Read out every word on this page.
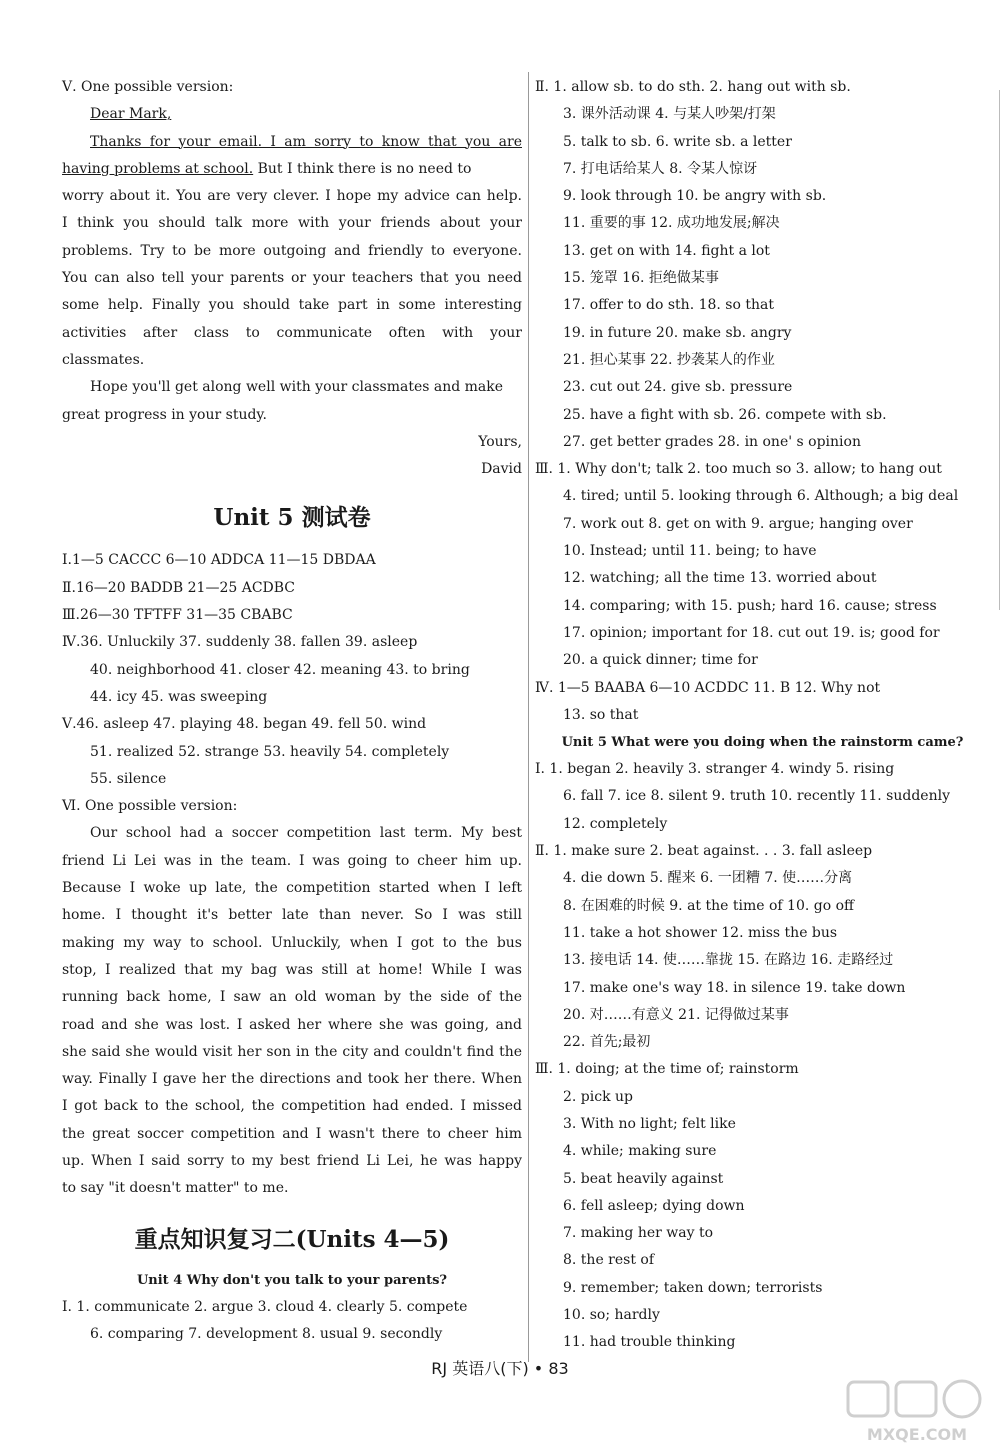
Ⅴ. One possible version:
Dear Mark,
Thanks for your email. I am sorry to know that you are
having problems at school. But I think there is no need to
worry about it. You are very clever. I hope my advice can help.
I think you should talk more with your friends about your
problems. Try to be more outgoing and friendly to everyone.
You can also tell your parents or your teachers that you need
some help. Finally you should take part in some interesting
activities after class to communicate often with your classmates.
Hope you'll get along well with your classmates and make
great progress in your study.
Yours,
David
Unit 5 测试卷
Ⅰ.1—5 CACCC 6—10 ADDCA 11—15 DBDAA
Ⅱ.16—20 BADDB 21—25 ACDBC
Ⅲ.26—30 TFTFF 31—35 CBABC
Ⅳ.36. Unluckily 37. suddenly 38. fallen 39. asleep
40. neighborhood 41. closer 42. meaning 43. to bring
44. icy 45. was sweeping
Ⅴ.46. asleep 47. playing 48. began 49. fell 50. wind
51. realized 52. strange 53. heavily 54. completely
55. silence
Ⅵ. One possible version:
Our school had a soccer competition last term. My best
friend Li Lei was in the team. I was going to cheer him up.
Because I woke up late, the competition started when I left
home. I thought it's better late than never. So I was still
making my way to school. Unluckily, when I got to the bus
stop, I realized that my bag was still at home! While I was
running back home, I saw an old woman by the side of the
road and she was lost. I asked her where she was going, and
she said she would visit her son in the city and couldn't find the
way. Finally I gave her the directions and took her there. When
I got back to the school, the competition had ended. I missed
the great soccer competition and I wasn't there to cheer him
up. When I said sorry to my best friend Li Lei, he was happy
to say "it doesn't matter" to me.
重点知识复习二(Units 4—5)
Unit 4 Why don't you talk to your parents?
Ⅰ. 1. communicate 2. argue 3. cloud 4. clearly 5. compete
6. comparing 7. development 8. usual 9. secondly
Ⅱ. 1. allow sb. to do sth. 2. hang out with sb.
3. 课外活动课 4. 与某人吵架/打架
5. talk to sb. 6. write sb. a letter
7. 打电话给某人 8. 令某人惊讶
9. look through 10. be angry with sb.
11. 重要的事 12. 成功地发展;解决
13. get on with 14. fight a lot
15. 笼罩 16. 拒绝做某事
17. offer to do sth. 18. so that
19. in future 20. make sb. angry
21. 担心某事 22. 抄袭某人的作业
23. cut out 24. give sb. pressure
25. have a fight with sb. 26. compete with sb.
27. get better grades 28. in one' s opinion
Ⅲ. 1. Why don't; talk 2. too much so 3. allow; to hang out
4. tired; until 5. looking through 6. Although; a big deal
7. work out 8. get on with 9. argue; hanging over
10. Instead; until 11. being; to have
12. watching; all the time 13. worried about
14. comparing; with 15. push; hard 16. cause; stress
17. opinion; important for 18. cut out 19. is; good for
20. a quick dinner; time for
Ⅳ. 1—5 BAABA 6—10 ACDDC 11. B 12. Why not
13. so that
Unit 5 What were you doing when the rainstorm came?
Ⅰ. 1. began 2. heavily 3. stranger 4. windy 5. rising
6. fall 7. ice 8. silent 9. truth 10. recently 11. suddenly
12. completely
Ⅱ. 1. make sure 2. beat against. . . 3. fall asleep
4. die down 5. 醒来 6. 一团糟 7. 使……分离
8. 在困难的时候 9. at the time of 10. go off
11. take a hot shower 12. miss the bus
13. 接电话 14. 使……靠拢 15. 在路边 16. 走路经过
17. make one's way 18. in silence 19. take down
20. 对……有意义 21. 记得做过某事
22. 首先;最初
Ⅲ. 1. doing; at the time of; rainstorm
2. pick up
3. With no light; felt like
4. while; making sure
5. beat heavily against
6. fell asleep; dying down
7. making her way to
8. the rest of
9. remember; taken down; terrorists
10. so; hardly
11. had trouble thinking
RJ 英语八(下) • 83
MXQE.COM
